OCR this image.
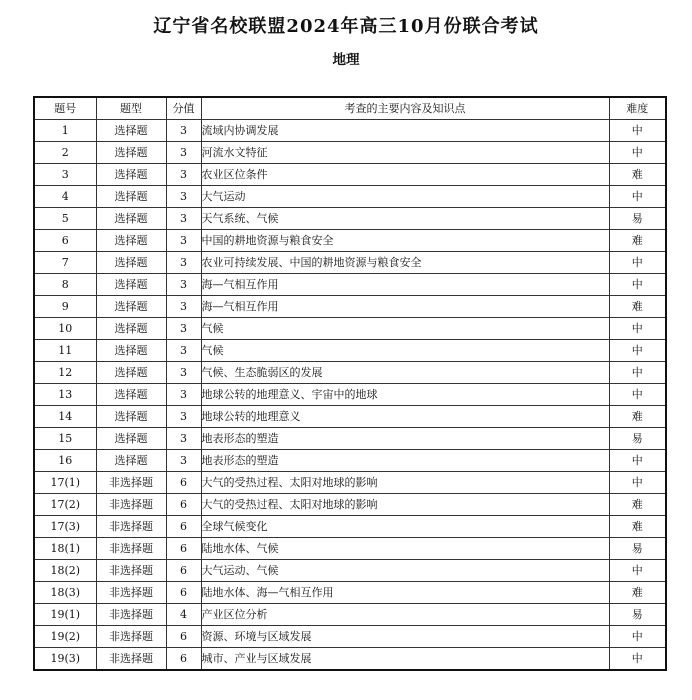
辽宁省名校联盟2024年高三10月份联合考试
地理
题号	题型	分值	考查的主要内容及知识点	难度
1	选择题	3	流域内协调发展	中
2	选择题	3	河流水文特征	中
3	选择题	3	农业区位条件	难
4	选择题	3	大气运动	中
5	选择题	3	天气系统、气候	易
6	选择题	3	中国的耕地资源与粮食安全	难
7	选择题	3	农业可持续发展、中国的耕地资源与粮食安全	中
8	选择题	3	海—气相互作用	中
9	选择题	3	海—气相互作用	难
10	选择题	3	气候	中
11	选择题	3	气候	中
12	选择题	3	气候、生态脆弱区的发展	中
13	选择题	3	地球公转的地理意义、宇宙中的地球	中
14	选择题	3	地球公转的地理意义	难
15	选择题	3	地表形态的塑造	易
16	选择题	3	地表形态的塑造	中
17(1)	非选择题	6	大气的受热过程、太阳对地球的影响	中
17(2)	非选择题	6	大气的受热过程、太阳对地球的影响	难
17(3)	非选择题	6	全球气候变化	难
18(1)	非选择题	6	陆地水体、气候	易
18(2)	非选择题	6	大气运动、气候	中
18(3)	非选择题	6	陆地水体、海—气相互作用	难
19(1)	非选择题	4	产业区位分析	易
19(2)	非选择题	6	资源、环境与区域发展	中
19(3)	非选择题	6	城市、产业与区域发展	中
